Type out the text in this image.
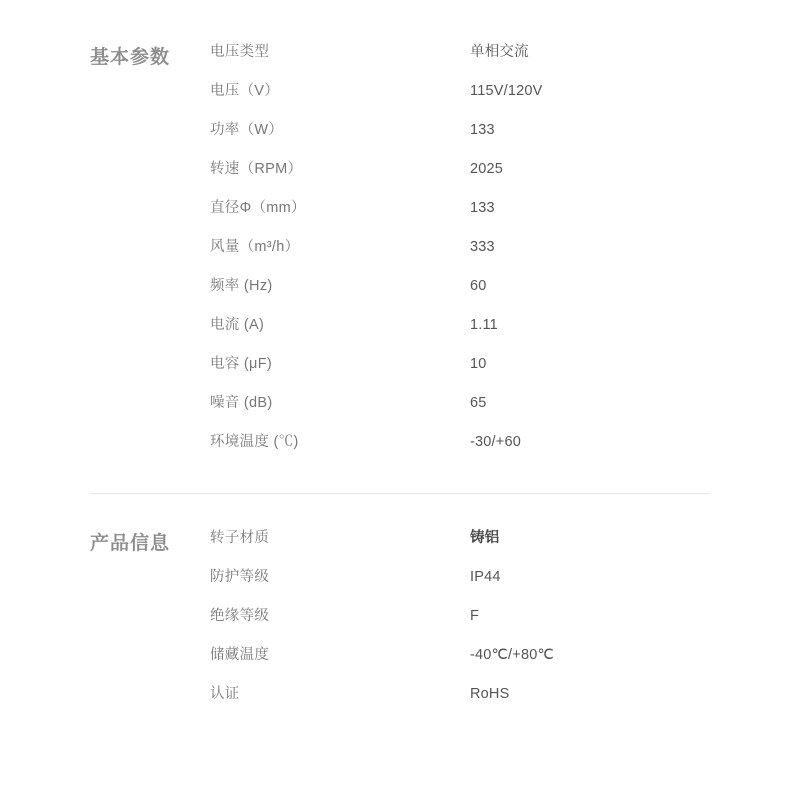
基本参数	电压类型	单相交流
电压（V）	115V/120V
功率（W）	133
转速（RPM）	2025
直径Φ（mm）	133
风量（m³/h）	333
频率 (Hz)	60
电流 (A)	1.11
电容 (μF)	10
噪音 (dB)	65
环境温度 (℃)	-30/+60
产品信息	转子材质	铸铝
防护等级	IP44
绝缘等级	F
储藏温度	-40℃/+80℃
认证	RoHS
